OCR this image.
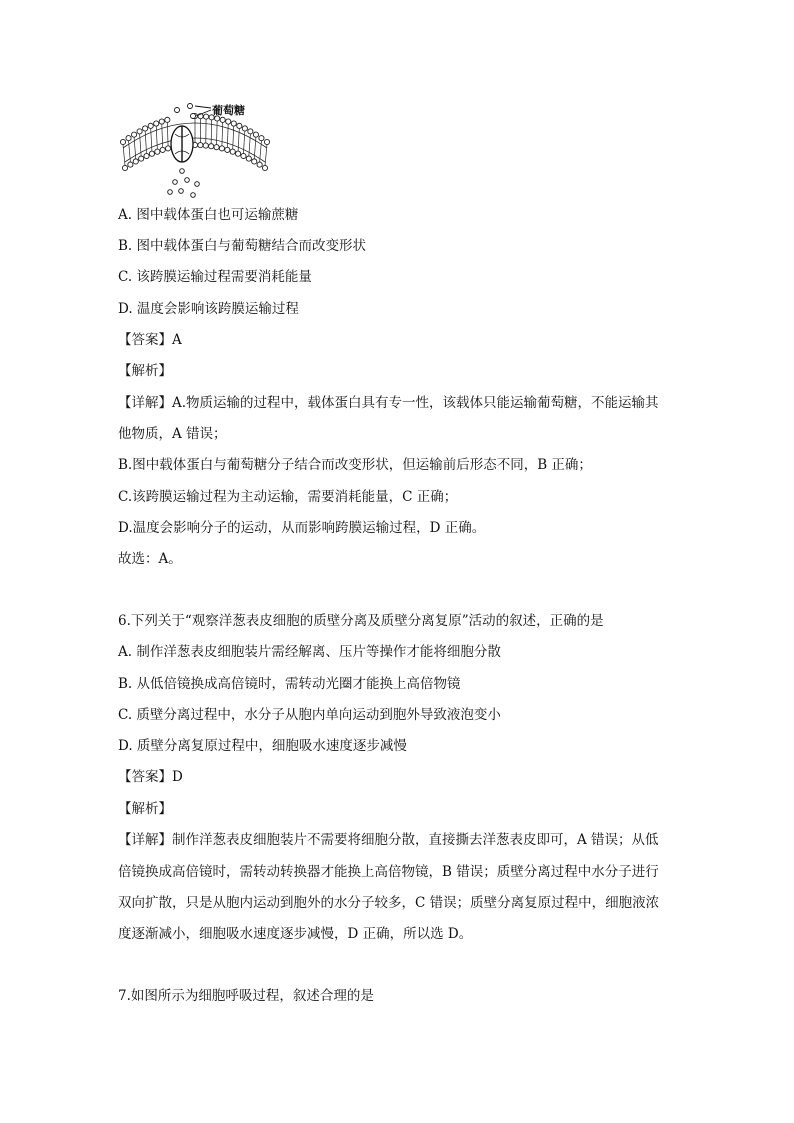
葡萄糖
A. 图中载体蛋白也可运输蔗糖
B. 图中载体蛋白与葡萄糖结合而改变形状
C. 该跨膜运输过程需要消耗能量
D. 温度会影响该跨膜运输过程
【答案】A
【解析】
【详解】A.物质运输的过程中，载体蛋白具有专一性，该载体只能运输葡萄糖，不能运输其
他物质，A 错误；
B.图中载体蛋白与葡萄糖分子结合而改变形状，但运输前后形态不同，B 正确；
C.该跨膜运输过程为主动运输，需要消耗能量，C 正确；
D.温度会影响分子的运动，从而影响跨膜运输过程，D 正确。
故选：A。
6.下列关于“观察洋葱表皮细胞的质壁分离及质壁分离复原”活动的叙述，正确的是
A. 制作洋葱表皮细胞装片需经解离、压片等操作才能将细胞分散
B. 从低倍镜换成高倍镜时，需转动光圈才能换上高倍物镜
C. 质壁分离过程中，水分子从胞内单向运动到胞外导致液泡变小
D. 质壁分离复原过程中，细胞吸水速度逐步减慢
【答案】D
【解析】
【详解】制作洋葱表皮细胞装片不需要将细胞分散，直接撕去洋葱表皮即可，A 错误；从低
倍镜换成高倍镜时，需转动转换器才能换上高倍物镜，B 错误；质壁分离过程中水分子进行
双向扩散，只是从胞内运动到胞外的水分子较多，C 错误；质壁分离复原过程中，细胞液浓
度逐渐减小，细胞吸水速度逐步减慢，D 正确，所以选 D。
7.如图所示为细胞呼吸过程，叙述合理的是
